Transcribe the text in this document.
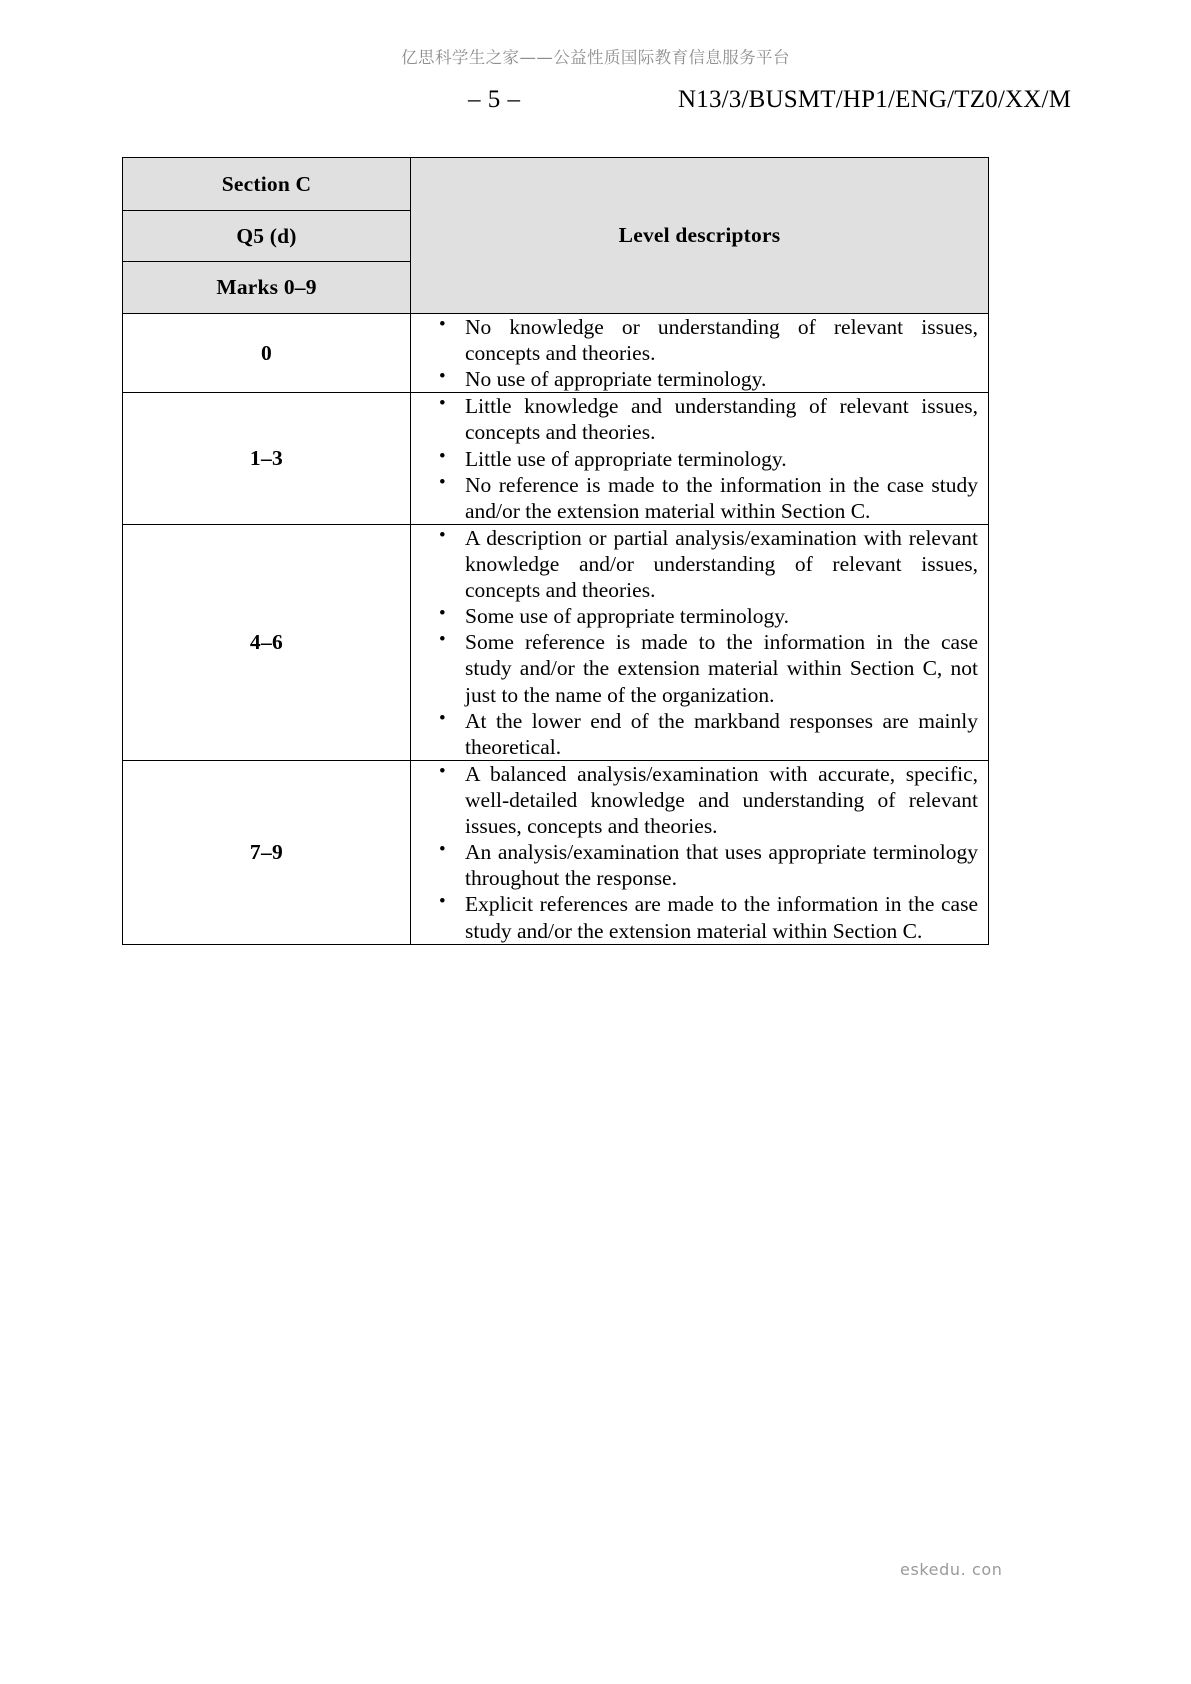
亿思科学生之家——公益性质国际教育信息服务平台
– 5 –	N13/3/BUSMT/HP1/ENG/TZ0/XX/M
Section C	Level descriptors
Q5 (d)	
Marks 0–9	
0	
• No knowledge or understanding of relevant issues, concepts and theories.
• No use of appropriate terminology.

1–3	
• Little knowledge and understanding of relevant issues, concepts and theories.
• Little use of appropriate terminology.
• No reference is made to the information in the case study and/or the extension material within Section C.

4–6	
• A description or partial analysis/examination with relevant knowledge and/or understanding of relevant issues, concepts and theories.
• Some use of appropriate terminology.
• Some reference is made to the information in the case study and/or the extension material within Section C, not just to the name of the organization.
• At the lower end of the markband responses are mainly theoretical.

7–9	
• A balanced analysis/examination with accurate, specific, well-detailed knowledge and understanding of relevant issues, concepts and theories.
• An analysis/examination that uses appropriate terminology throughout the response.
• Explicit references are made to the information in the case study and/or the extension material within Section C.
eskedu. con
